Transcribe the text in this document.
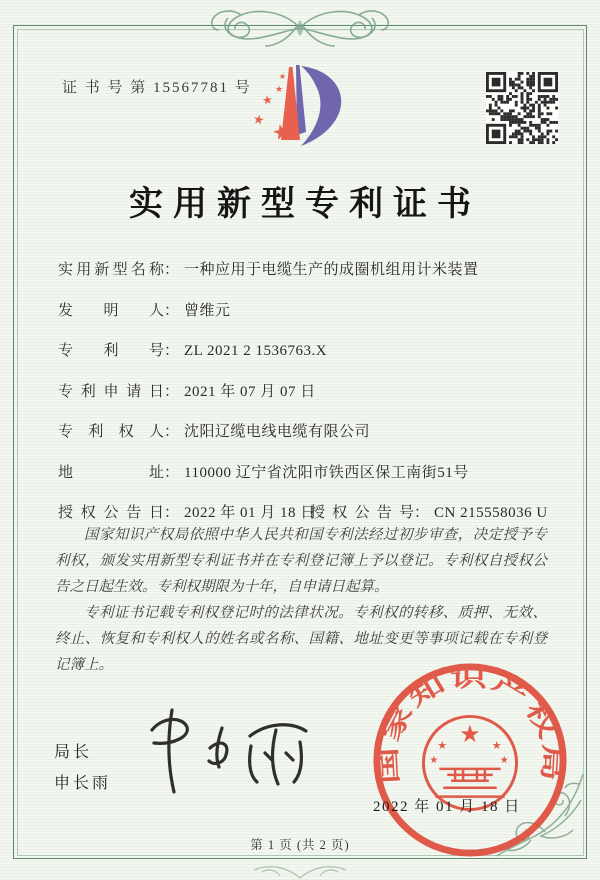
证 书 号 第 15567781 号
★
★
★
★
★
实用新型专利证书
实用新型名称 ： 一种应用于电缆生产的成圈机组用计米装置
发明人 ： 曾维元
专利号 ： ZL 2021 2 1536763.X
专利申请日 ： 2021 年 07 月 07 日
专利权人 ： 沈阳辽缆电线电缆有限公司
地址 ： 110000 辽宁省沈阳市铁西区保工南街51号
授权公告日 ： 2022 年 01 月 18 日
授权公告号 ： CN 215558036 U

国家知识产权局依照中华人民共和国专利法经过初步审查，决定授予专利权，颁发实用新型专利证书并在专利登记簿上予以登记。专利权自授权公告之日起生效。专利权期限为十年，自申请日起算。

专利证书记载专利权登记时的法律状况。专利权的转移、质押、无效、终止、恢复和专利权人的姓名或名称、国籍、地址变更等事项记载在专利登记簿上。

局长
申长雨	国家知识产权局
★
★	★
★	★
2022 年 01 月 18 日
第 1 页 (共 2 页)
